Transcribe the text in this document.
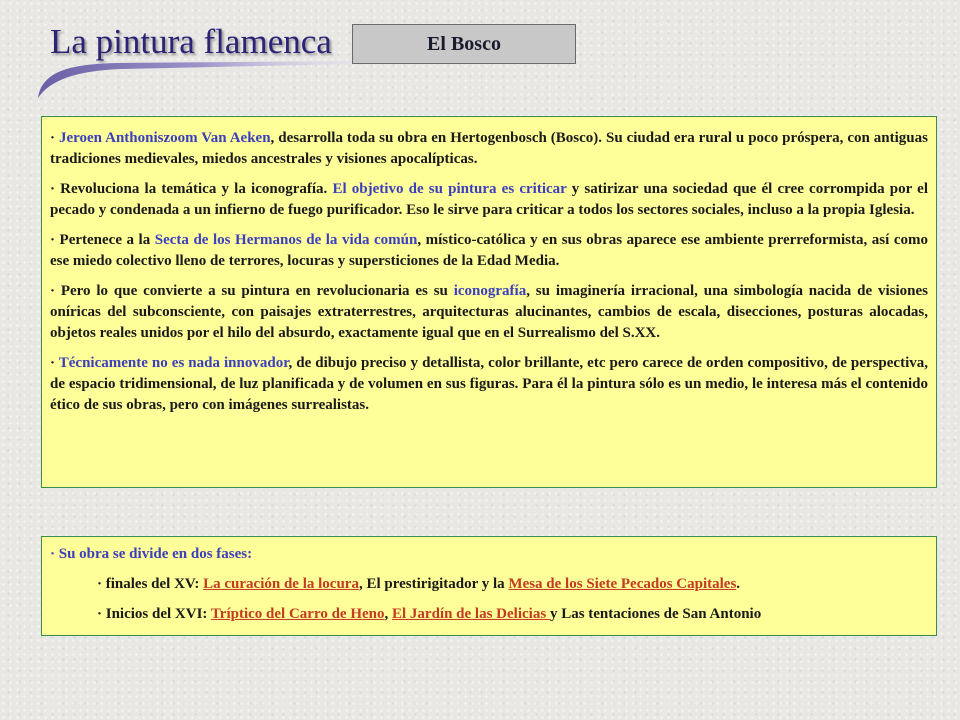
La pintura flamenca	El Bosco

· Jeroen Anthoniszoom Van Aeken, desarrolla toda su obra en Hertogenbosch (Bosco). Su ciudad era rural u poco próspera, con antiguas tradiciones medievales, miedos ancestrales y visiones apocalípticas.

· Revoluciona la temática y la iconografía. El objetivo de su pintura es criticar y satirizar una sociedad que él cree corrompida por el pecado y condenada a un infierno de fuego purificador. Eso le sirve para criticar a todos los sectores sociales, incluso a la propia Iglesia.

· Pertenece a la Secta de los Hermanos de la vida común, místico-católica y en sus obras aparece ese ambiente prerreformista, así como ese miedo colectivo lleno de terrores, locuras y supersticiones de la Edad Media.

· Pero lo que convierte a su pintura en revolucionaria es su iconografía, su imaginería irracional, una simbología nacida de visiones oníricas del subconsciente, con paisajes extraterrestres, arquitecturas alucinantes, cambios de escala, disecciones, posturas alocadas, objetos reales unidos por el hilo del absurdo, exactamente igual que en el Surrealismo del S.XX.

· Técnicamente no es nada innovador, de dibujo preciso y detallista, color brillante, etc pero carece de orden compositivo, de perspectiva, de espacio tridimensional, de luz planificada y de volumen en sus figuras. Para él la pintura sólo es un medio, le interesa más el contenido ético de sus obras, pero con imágenes surrealistas.

· Su obra se divide en dos fases:
· finales del XV: La curación de la locura, El prestirigitador y la Mesa de los Siete Pecados Capitales.
· Inicios del XVI: Tríptico del Carro de Heno, El Jardín de las Delicias y Las tentaciones de San Antonio
